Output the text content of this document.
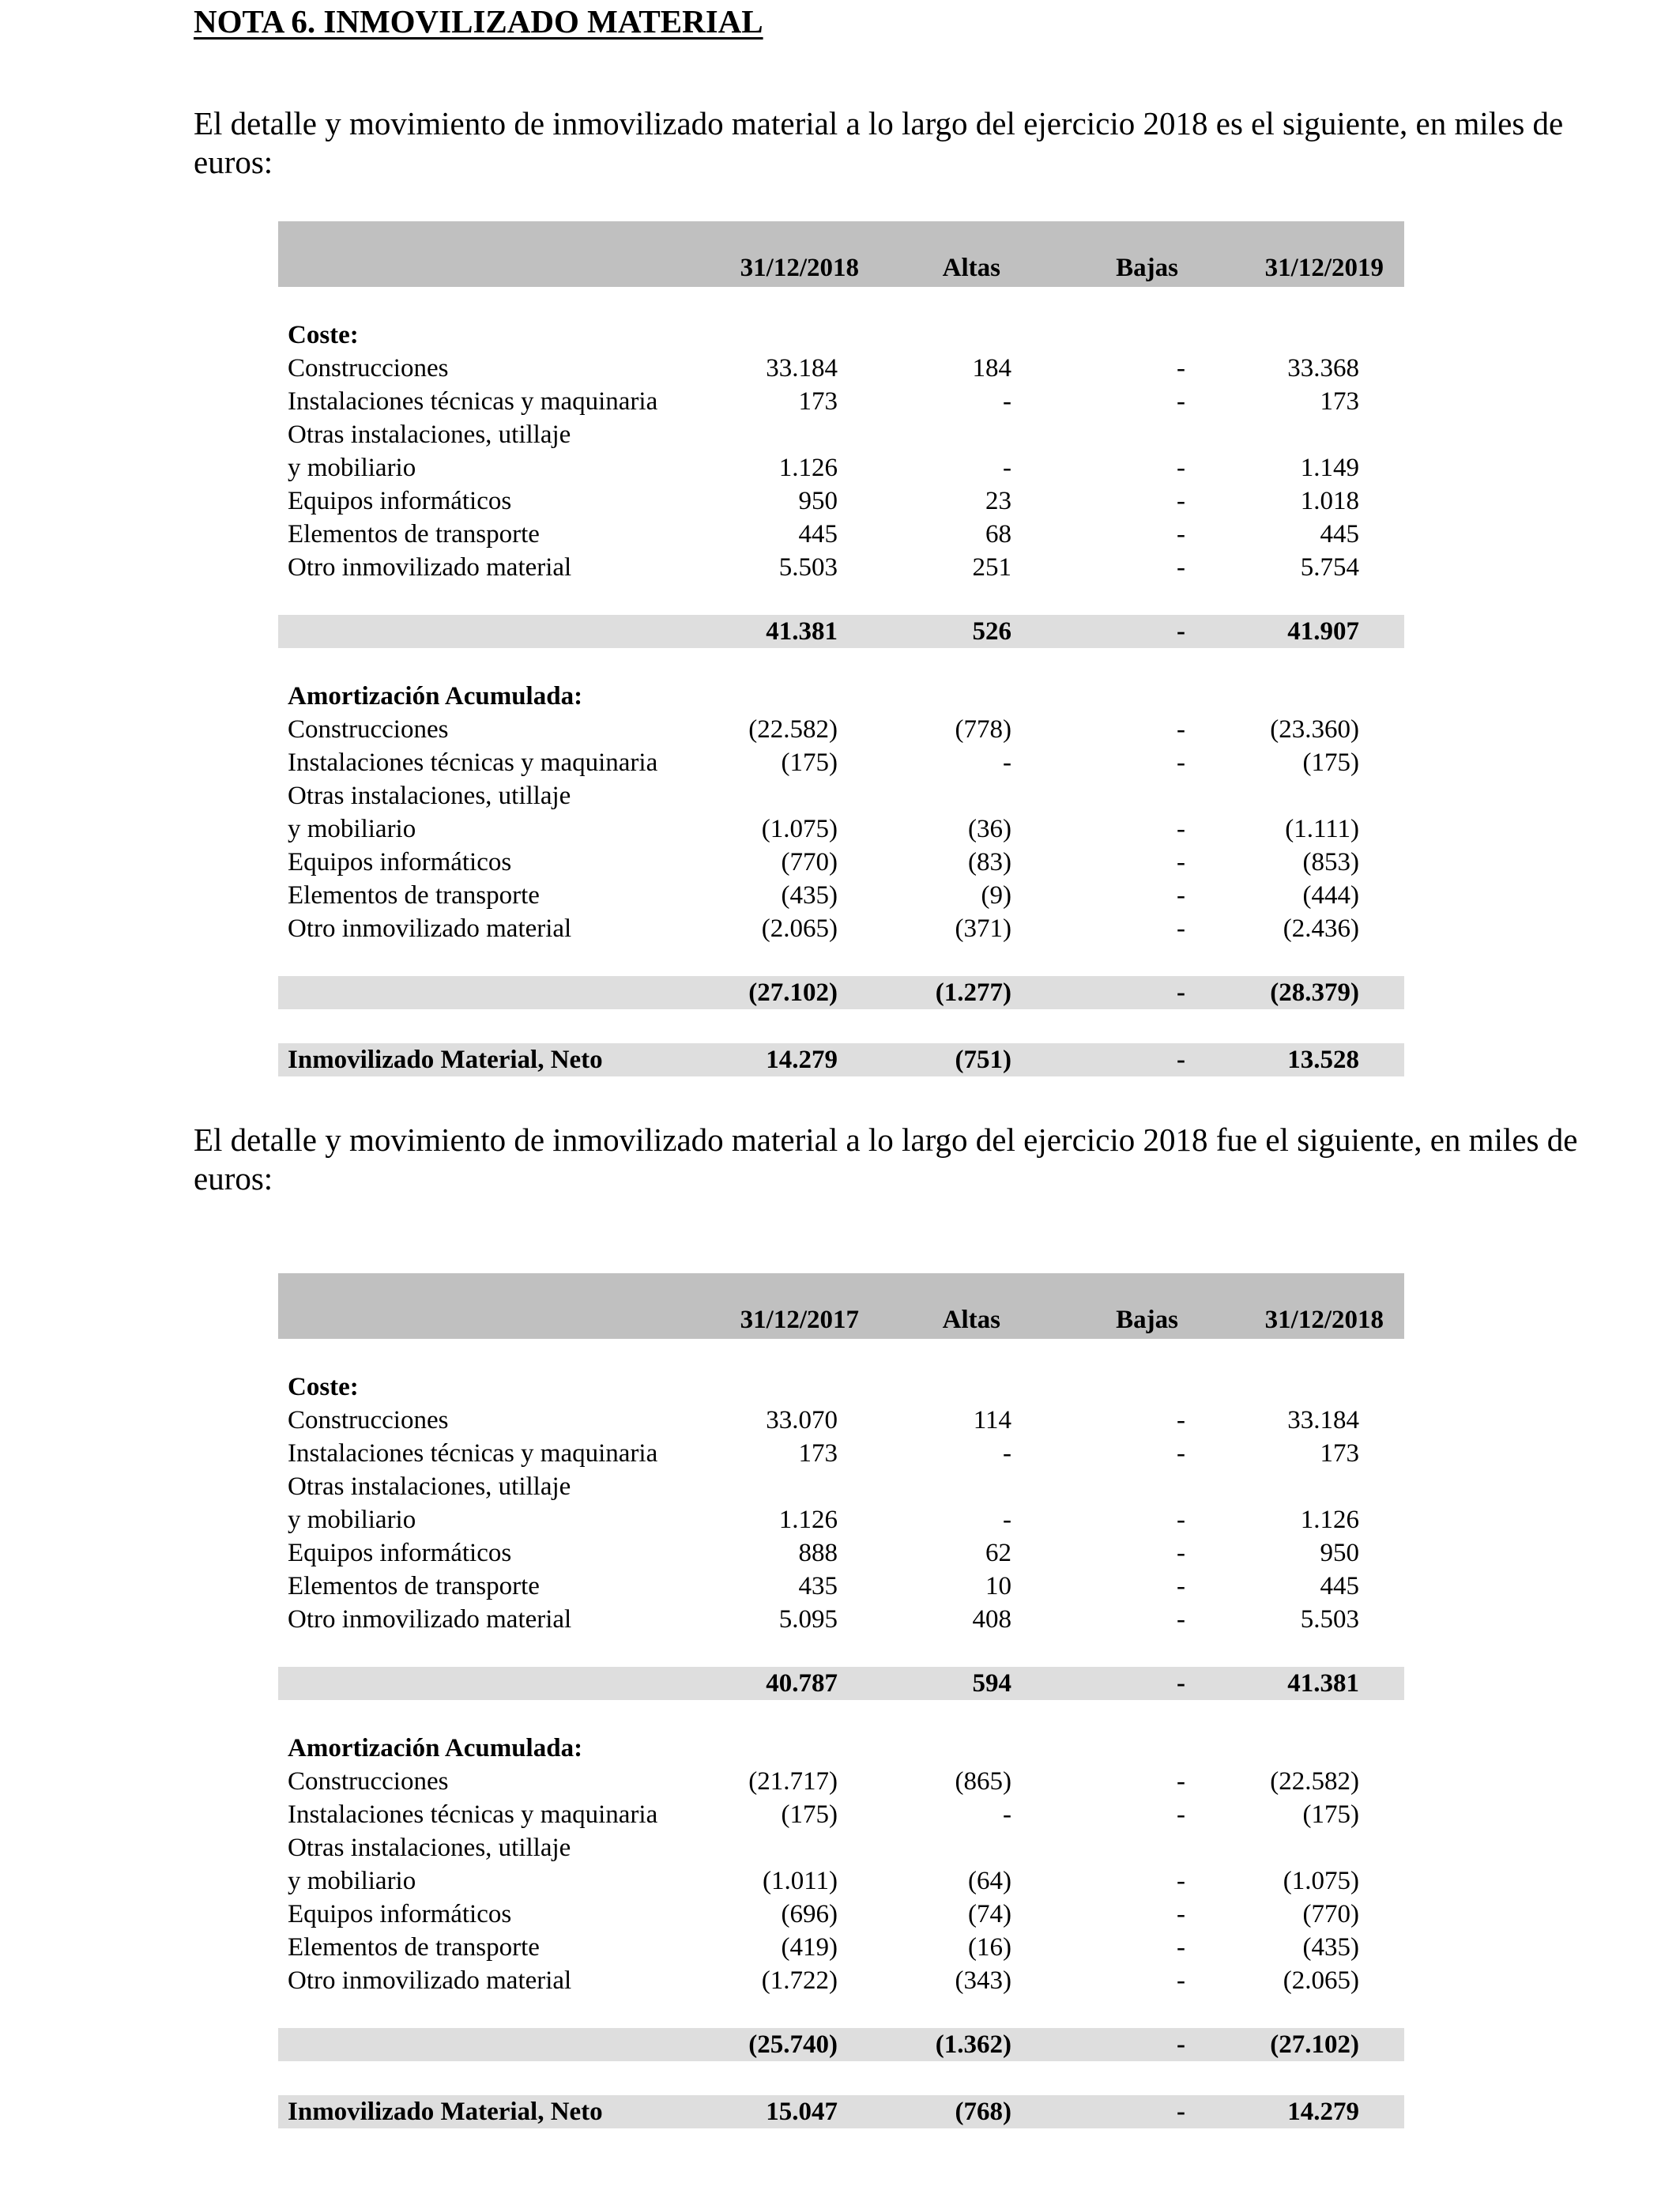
NOTA 6. INMOVILIZADO MATERIAL
El detalle y movimiento de inmovilizado material a lo largo del ejercicio 2018 es el siguiente, en miles de euros:
31/12/2018	Altas	Bajas	31/12/2019
Coste:
Construcciones	33.184	184	-	33.368
Instalaciones técnicas y maquinaria	173	-	-	173
Otras instalaciones, utillaje
y mobiliario	1.126	-	-	1.149
Equipos informáticos	950	23	-	1.018
Elementos de transporte	445	68	-	445
Otro inmovilizado material	5.503	251	-	5.754
41.381	526	-	41.907
Amortización Acumulada:
Construcciones	(22.582)	(778)	-	(23.360)
Instalaciones técnicas y maquinaria	(175)	-	-	(175)
Otras instalaciones, utillaje
y mobiliario	(1.075)	(36)	-	(1.111)
Equipos informáticos	(770)	(83)	-	(853)
Elementos de transporte	(435)	(9)	-	(444)
Otro inmovilizado material	(2.065)	(371)	-	(2.436)
(27.102)	(1.277)	-	(28.379)
Inmovilizado Material, Neto	14.279	(751)	-	13.528
El detalle y movimiento de inmovilizado material a lo largo del ejercicio 2018 fue el siguiente, en miles de euros:
31/12/2017	Altas	Bajas	31/12/2018
Coste:
Construcciones	33.070	114	-	33.184
Instalaciones técnicas y maquinaria	173	-	-	173
Otras instalaciones, utillaje
y mobiliario	1.126	-	-	1.126
Equipos informáticos	888	62	-	950
Elementos de transporte	435	10	-	445
Otro inmovilizado material	5.095	408	-	5.503
40.787	594	-	41.381
Amortización Acumulada:
Construcciones	(21.717)	(865)	-	(22.582)
Instalaciones técnicas y maquinaria	(175)	-	-	(175)
Otras instalaciones, utillaje
y mobiliario	(1.011)	(64)	-	(1.075)
Equipos informáticos	(696)	(74)	-	(770)
Elementos de transporte	(419)	(16)	-	(435)
Otro inmovilizado material	(1.722)	(343)	-	(2.065)
(25.740)	(1.362)	-	(27.102)
Inmovilizado Material, Neto	15.047	(768)	-	14.279
